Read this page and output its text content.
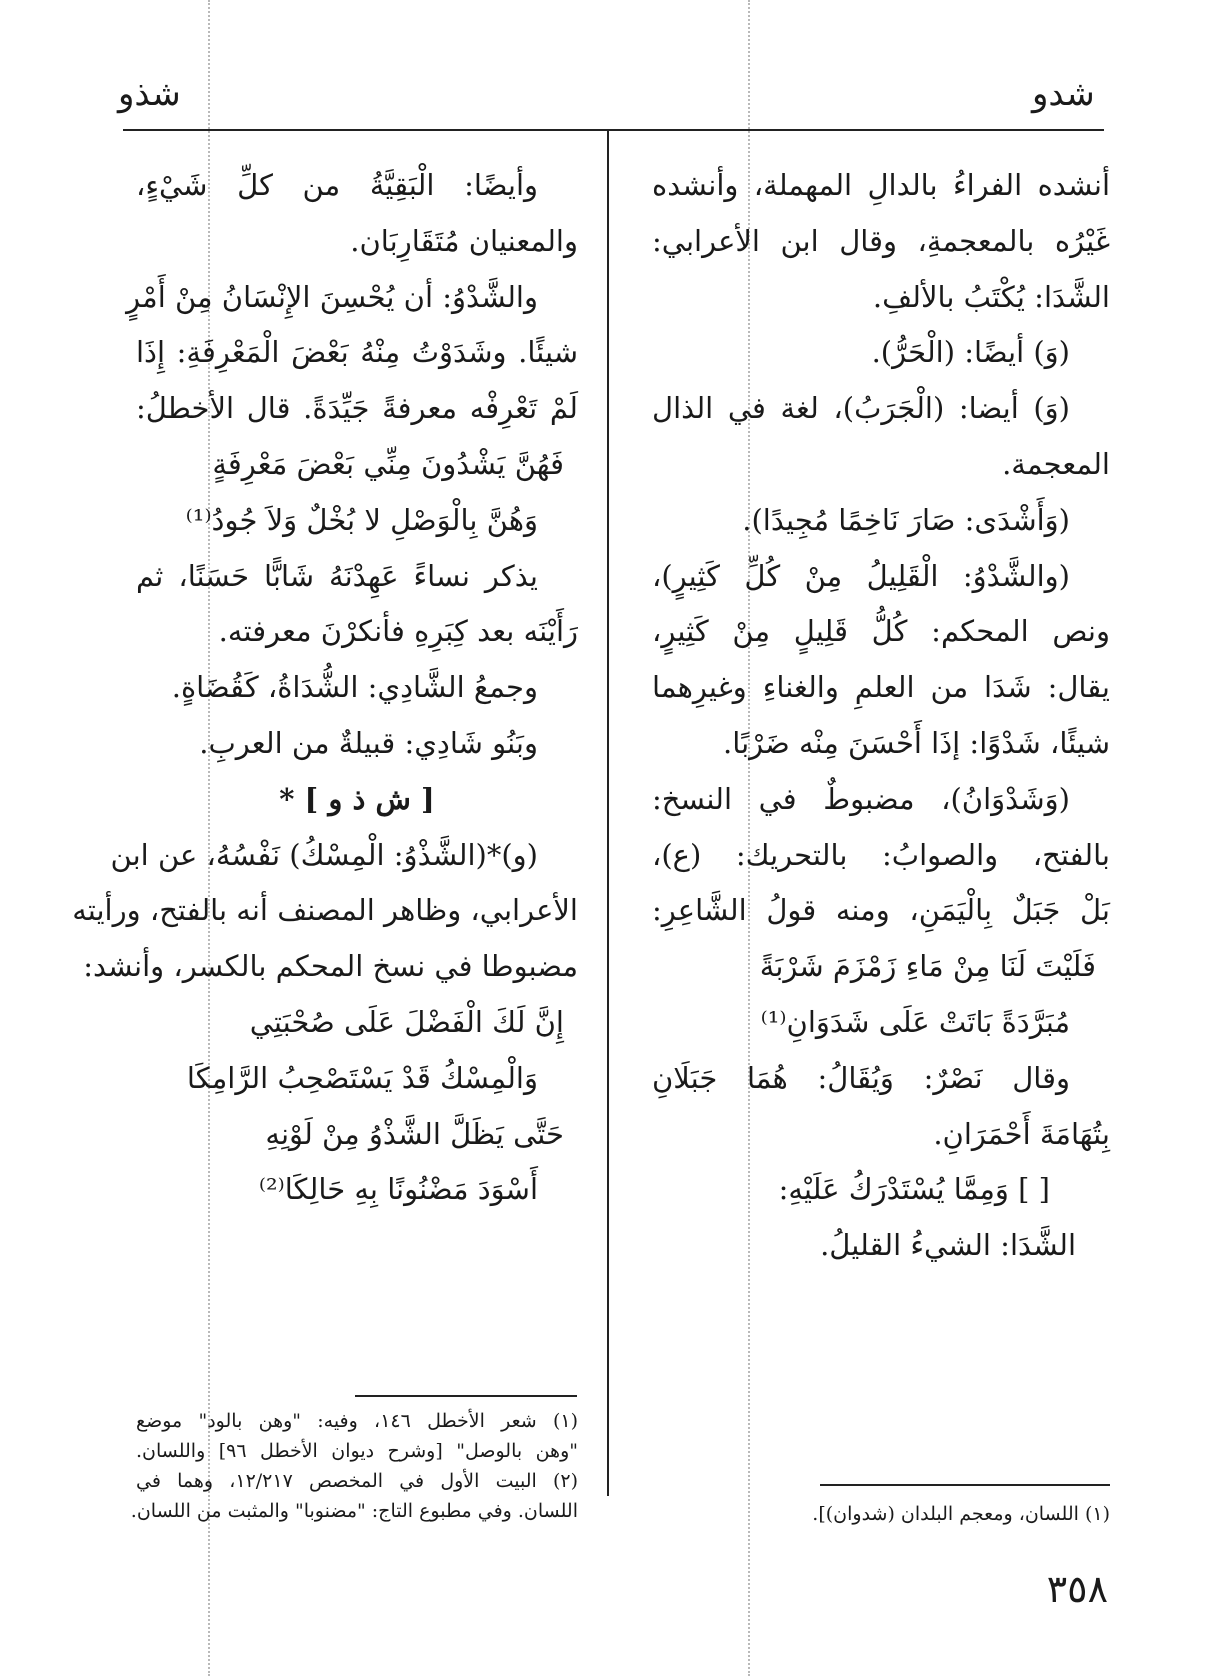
شدو
شذو
أنشده الفراءُ بالدالِ المهملة، وأنشده
غَيْرُه بالمعجمةِ، وقال ابن الأعرابي:
الشَّدَا: يُكْتَبُ بالألفِ.
(وَ) أيضًا: (الْحَرُّ).
(وَ) أيضا: (الْجَرَبُ)، لغة في الذال
المعجمة.
(وَأَشْدَى: صَارَ نَاخِمًا مُجِيدًا).
(والشَّدْوُ: الْقَلِيلُ مِنْ كُلِّ كَثِيرٍ)،
ونص المحكم: كُلُّ قَلِيلٍ مِنْ كَثِيرٍ،
يقال: شَدَا من العلمِ والغناءِ وغيرِهما
شيئًا، شَدْوًا: إذَا أَحْسَنَ مِنْه ضَرْبًا.
(وَشَدْوَانُ)، مضبوطٌ في النسخ:
بالفتح، والصوابُ: بالتحريك: (ع)،
بَلْ جَبَلٌ بِالْيَمَنِ، ومنه قولُ الشَّاعِرِ:
فَلَيْتَ لَنَا مِنْ مَاءِ زَمْزَمَ شَرْبَةً
مُبَرَّدَةً بَاتَتْ عَلَى شَدَوَانِ⁽¹⁾
وقال نَصْرٌ: وَيُقَالُ: هُمَا جَبَلَانِ
بِتُهَامَةَ أَحْمَرَانِ.
[ ] وَمِمَّا يُسْتَدْرَكُ عَلَيْهِ:
الشَّدَا: الشيءُ القليلُ.
وأيضًا: الْبَقِيَّةُ من كلِّ شَيْءٍ،
والمعنيان مُتَقَارِبَان.
والشَّدْوُ: أن يُحْسِنَ الإِنْسَانُ مِنْ أَمْرٍ
شيئًا. وشَدَوْتُ مِنْهُ بَعْضَ الْمَعْرِفَةِ: إِذَا
لَمْ تَعْرِفْه معرفةً جَيِّدَةً. قال الأخطلُ:
فَهُنَّ يَشْدُونَ مِنِّي بَعْضَ مَعْرِفَةٍ
وَهُنَّ بِالْوَصْلِ لا بُخْلٌ وَلاَ جُودُ⁽¹⁾
يذكر نساءً عَهِدْنَهُ شَابًّا حَسَنًا، ثم
رَأَيْنَه بعد كِبَرِهِ فأنكرْنَ معرفته.
وجمعُ الشَّادِي: الشُّدَاةُ، كَقُضَاةٍ.
وبَنُو شَادِي: قبيلةٌ من العربِ.
[ ش ذ و ] *
(و)*(الشَّذْوُ: الْمِسْكُ) نَفْسُهُ، عن ابن
الأعرابي، وظاهر المصنف أنه بالفتح، ورأيته
مضبوطا في نسخ المحكم بالكسر، وأنشد:
إِنَّ لَكَ الْفَضْلَ عَلَى صُحْبَتِي
وَالْمِسْكُ قَدْ يَسْتَصْحِبُ الرَّامِكَا
حَتَّى يَظَلَّ الشَّذْوُ مِنْ لَوْنِهِ
أَسْوَدَ مَضْنُونًا بِهِ حَالِكَا⁽²⁾
(١) شعر الأخطل ١٤٦، وفيه: "وهن بالود" موضع
"وهن بالوصل" [وشرح ديوان الأخطل ٩٦] واللسان.
(٢) البيت الأول في المخصص ١٢/٢١٧، وهما في
اللسان. وفي مطبوع التاج: "مضنوبا" والمثبت من اللسان.	(١) اللسان، ومعجم البلدان (شدوان)].
٣٥٨
